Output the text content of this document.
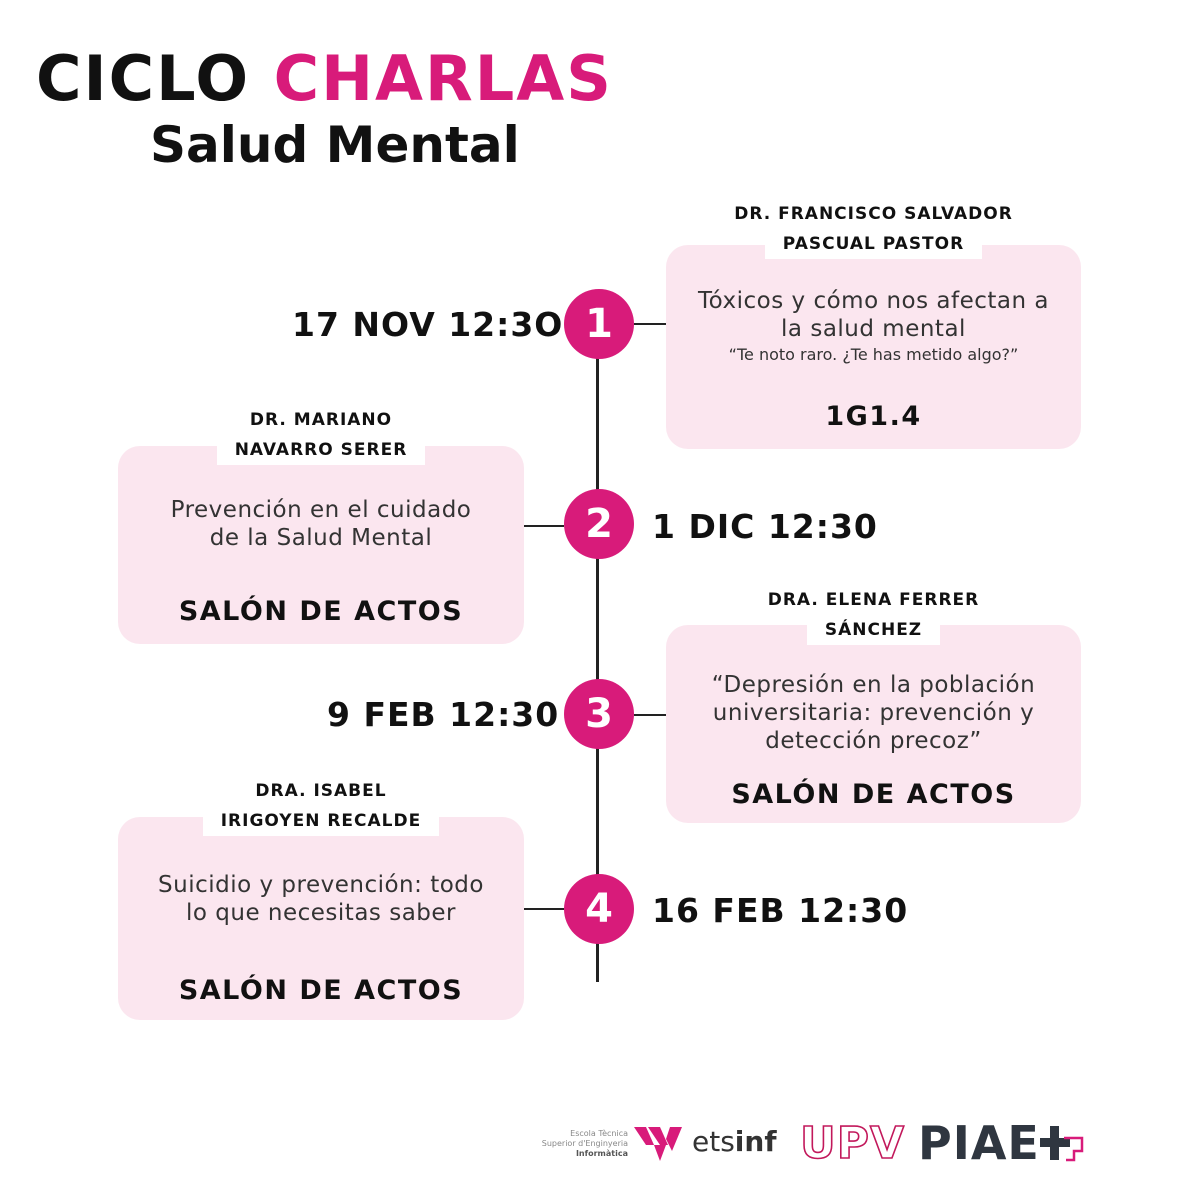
CICLO CHARLAS
Salud Mental
1
17 NOV 12:3O
Tóxicos y cómo nos afectan a
la salud mental
“Te noto raro. ¿Te has metido algo?”
1G1.4
DR. FRANCISCO SALVADOR
PASCUAL PASTOR
2	1 DIC 12:30
Prevención en el cuidado
de la Salud Mental
SALÓN DE ACTOS
DR. MARIANO
NAVARRO SERER
3
9 FEB 12:30
“Depresión en la población
universitaria: prevención y
detección precoz”
SALÓN DE ACTOS
DRA. ELENA FERRER
SÁNCHEZ
4	16 FEB 12:30
Suicidio y prevención: todo
lo que necesitas saber
SALÓN DE ACTOS
DRA. ISABEL
IRIGOYEN RECALDE
Escola Tècnica
Superior d'Enginyeria
Informàtica etsinf UPV PIAE
